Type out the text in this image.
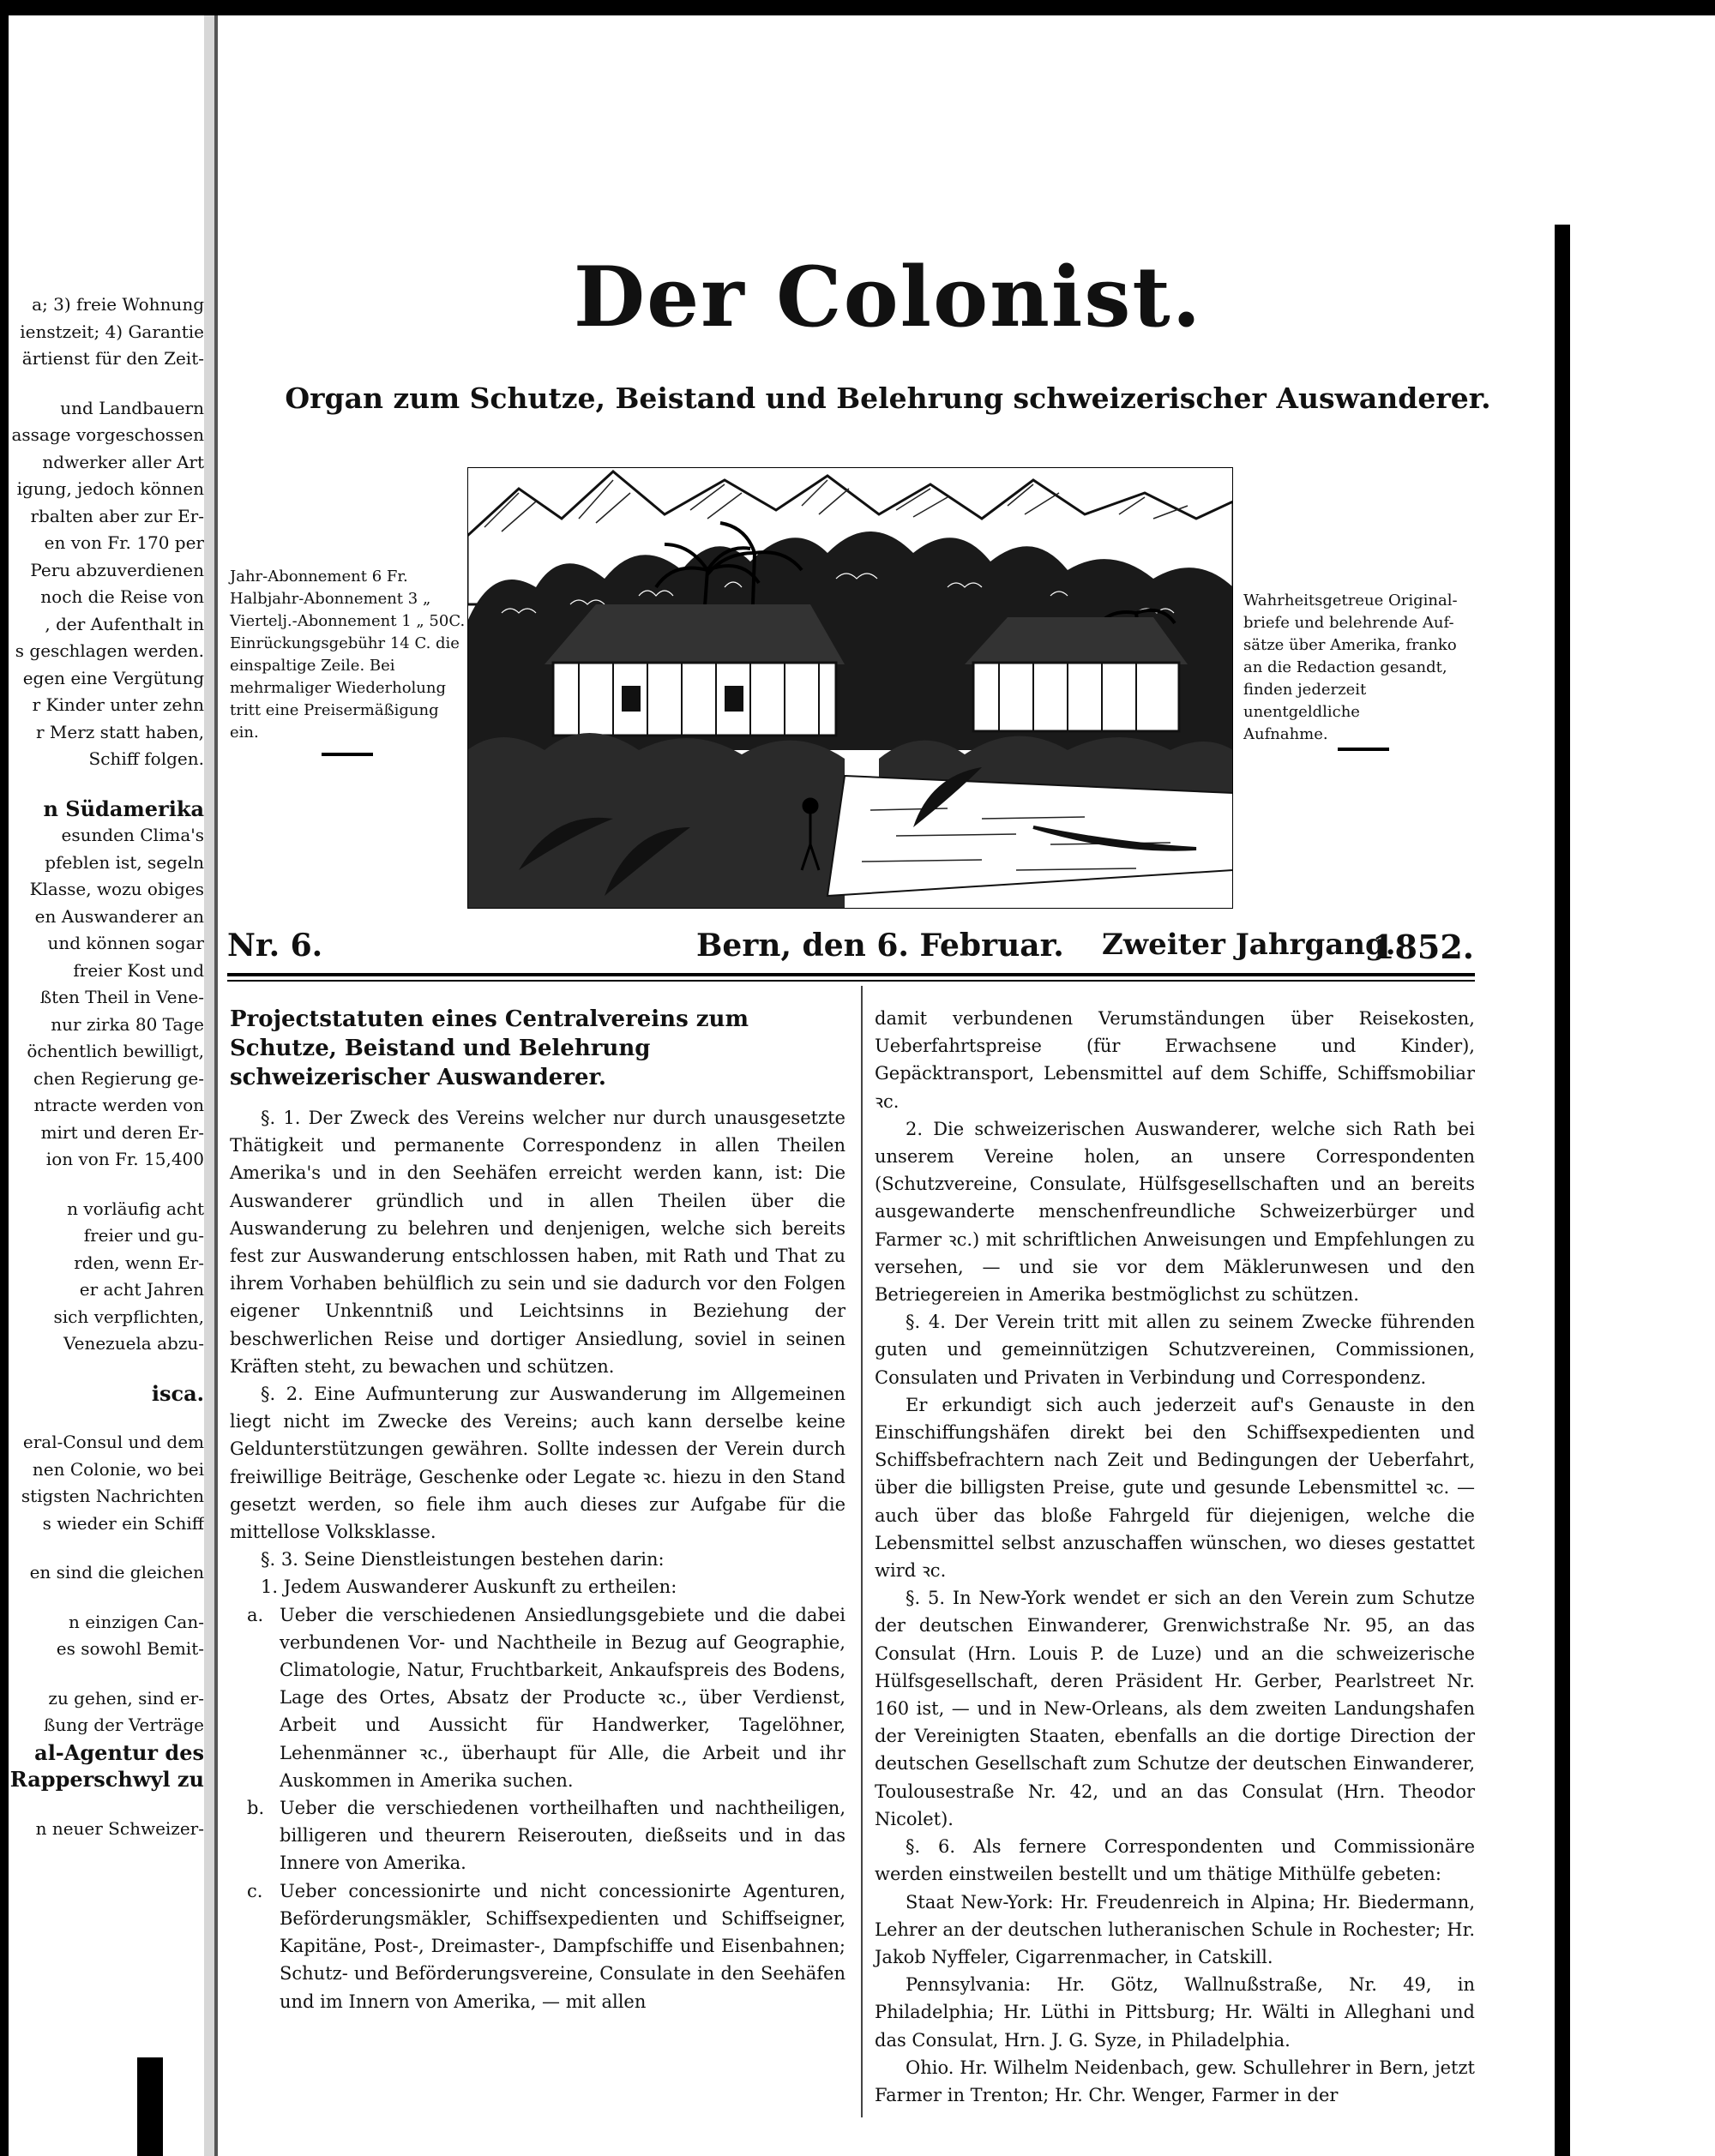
a; 3) freie Wohnung
ienstzeit; 4) Garantie
ärtienst für den Zeit-
und Landbauern
assage vorgeschossen
ndwerker aller Art
igung, jedoch können
rbalten aber zur Er-
en von Fr. 170 per
Peru abzuverdienen
noch die Reise von
, der Aufenthalt in
s geschlagen werden.
egen eine Vergütung
r Kinder unter zehn
r Merz statt haben,
Schiff folgen.
n Südamerika
esunden Clima's
pfeblen ist, segeln
Klasse, wozu obiges
en Auswanderer an
und können sogar
freier Kost und
ßten Theil in Vene-
nur zirka 80 Tage
öchentlich bewilligt,
chen Regierung ge-
ntracte werden von
mirt und deren Er-
ion von Fr. 15,400
n vorläufig acht
freier und gu-
rden, wenn Er-
er acht Jahren
sich verpflichten,
Venezuela abzu-
isca.
eral-Consul und dem
nen Colonie, wo bei
stigsten Nachrichten
s wieder ein Schiff
en sind die gleichen
n einzigen Can-
es sowohl Bemit-
zu gehen, sind er-
ßung der Verträge
al-Agentur des
Rapperschwyl zu
n neuer Schweizer-
Der Colonist.
Organ zum Schutze, Beistand und Belehrung schweizerischer Auswanderer.
Jahr-Abonnement 6 Fr.
Halbjahr-Abonnement 3 „
Viertelj.-Abonnement 1 „ 50C.
Einrückungsgebühr 14 C. die
einspaltige Zeile. Bei
mehrmaliger Wiederholung
tritt eine Preisermäßigung
ein.
Wahrheitsgetreue Original-
briefe und belehrende Auf-
sätze über Amerika, franko
an die Redaction gesandt,
finden jederzeit unentgeldliche
Aufnahme.
Nr. 6.	Bern, den 6. Februar. Zweiter Jahrgang.
1852.
Projectstatuten eines Centralvereins zum Schutze, Beistand und Belehrung schweizerischer Auswanderer.

§. 1. Der Zweck des Vereins welcher nur durch unausgesetzte Thätigkeit und permanente Correspondenz in allen Theilen Amerika's und in den Seehäfen erreicht werden kann, ist: Die Auswanderer gründlich und in allen Theilen über die Auswanderung zu belehren und denjenigen, welche sich bereits fest zur Auswanderung entschlossen haben, mit Rath und That zu ihrem Vorhaben behülflich zu sein und sie dadurch vor den Folgen eigener Unkenntniß und Leichtsinns in Beziehung der beschwerlichen Reise und dortiger Ansiedlung, soviel in seinen Kräften steht, zu bewachen und schützen.

§. 2. Eine Aufmunterung zur Auswanderung im Allgemeinen liegt nicht im Zwecke des Vereins; auch kann derselbe keine Geldunterstützungen gewähren. Sollte indessen der Verein durch freiwillige Beiträge, Geschenke oder Legate ꝛc. hiezu in den Stand gesetzt werden, so fiele ihm auch dieses zur Aufgabe für die mittellose Volksklasse.

§. 3. Seine Dienstleistungen bestehen darin:

1. Jedem Auswanderer Auskunft zu ertheilen:

a. Ueber die verschiedenen Ansiedlungsgebiete und die dabei verbundenen Vor- und Nachtheile in Bezug auf Geographie, Climatologie, Natur, Fruchtbarkeit, Ankaufspreis des Bodens, Lage des Ortes, Absatz der Producte ꝛc., über Verdienst, Arbeit und Aussicht für Handwerker, Tagelöhner, Lehenmänner ꝛc., überhaupt für Alle, die Arbeit und ihr Auskommen in Amerika suchen.
b. Ueber die verschiedenen vortheilhaften und nachtheiligen, billigeren und theurern Reiserouten, dießseits und in das Innere von Amerika.
c. Ueber concessionirte und nicht concessionirte Agenturen, Beförderungsmäkler, Schiffsexpedienten und Schiffseigner, Kapitäne, Post-, Dreimaster-, Dampfschiffe und Eisenbahnen; Schutz- und Beförderungsvereine, Consulate in den Seehäfen und im Innern von Amerika, — mit allen

damit verbundenen Verumständungen über Reisekosten, Ueberfahrtspreise (für Erwachsene und Kinder), Gepäcktransport, Lebensmittel auf dem Schiffe, Schiffsmobiliar ꝛc.

2. Die schweizerischen Auswanderer, welche sich Rath bei unserem Vereine holen, an unsere Correspondenten (Schutzvereine, Consulate, Hülfsgesellschaften und an bereits ausgewanderte menschenfreundliche Schweizerbürger und Farmer ꝛc.) mit schriftlichen Anweisungen und Empfehlungen zu versehen, — und sie vor dem Mäklerunwesen und den Betriegereien in Amerika bestmöglichst zu schützen.

§. 4. Der Verein tritt mit allen zu seinem Zwecke führenden guten und gemeinnützigen Schutzvereinen, Commissionen, Consulaten und Privaten in Verbindung und Correspondenz.

Er erkundigt sich auch jederzeit auf's Genauste in den Einschiffungshäfen direkt bei den Schiffsexpedienten und Schiffsbefrachtern nach Zeit und Bedingungen der Ueberfahrt, über die billigsten Preise, gute und gesunde Lebensmittel ꝛc. — auch über das bloße Fahrgeld für diejenigen, welche die Lebensmittel selbst anzuschaffen wünschen, wo dieses gestattet wird ꝛc.

§. 5. In New-York wendet er sich an den Verein zum Schutze der deutschen Einwanderer, Grenwichstraße Nr. 95, an das Consulat (Hrn. Louis P. de Luze) und an die schweizerische Hülfsgesellschaft, deren Präsident Hr. Gerber, Pearlstreet Nr. 160 ist, — und in New-Orleans, als dem zweiten Landungshafen der Vereinigten Staaten, ebenfalls an die dortige Direction der deutschen Gesellschaft zum Schutze der deutschen Einwanderer, Toulousestraße Nr. 42, und an das Consulat (Hrn. Theodor Nicolet).

§. 6. Als fernere Correspondenten und Commissionäre werden einstweilen bestellt und um thätige Mithülfe gebeten:

Staat New-York: Hr. Freudenreich in Alpina; Hr. Biedermann, Lehrer an der deutschen lutheranischen Schule in Rochester; Hr. Jakob Nyffeler, Cigarrenmacher, in Catskill.

Pennsylvania: Hr. Götz, Wallnußstraße, Nr. 49, in Philadelphia; Hr. Lüthi in Pittsburg; Hr. Wälti in Alleghani und das Consulat, Hrn. J. G. Syze, in Philadelphia.

Ohio. Hr. Wilhelm Neidenbach, gew. Schullehrer in Bern, jetzt Farmer in Trenton; Hr. Chr. Wenger, Farmer in der
